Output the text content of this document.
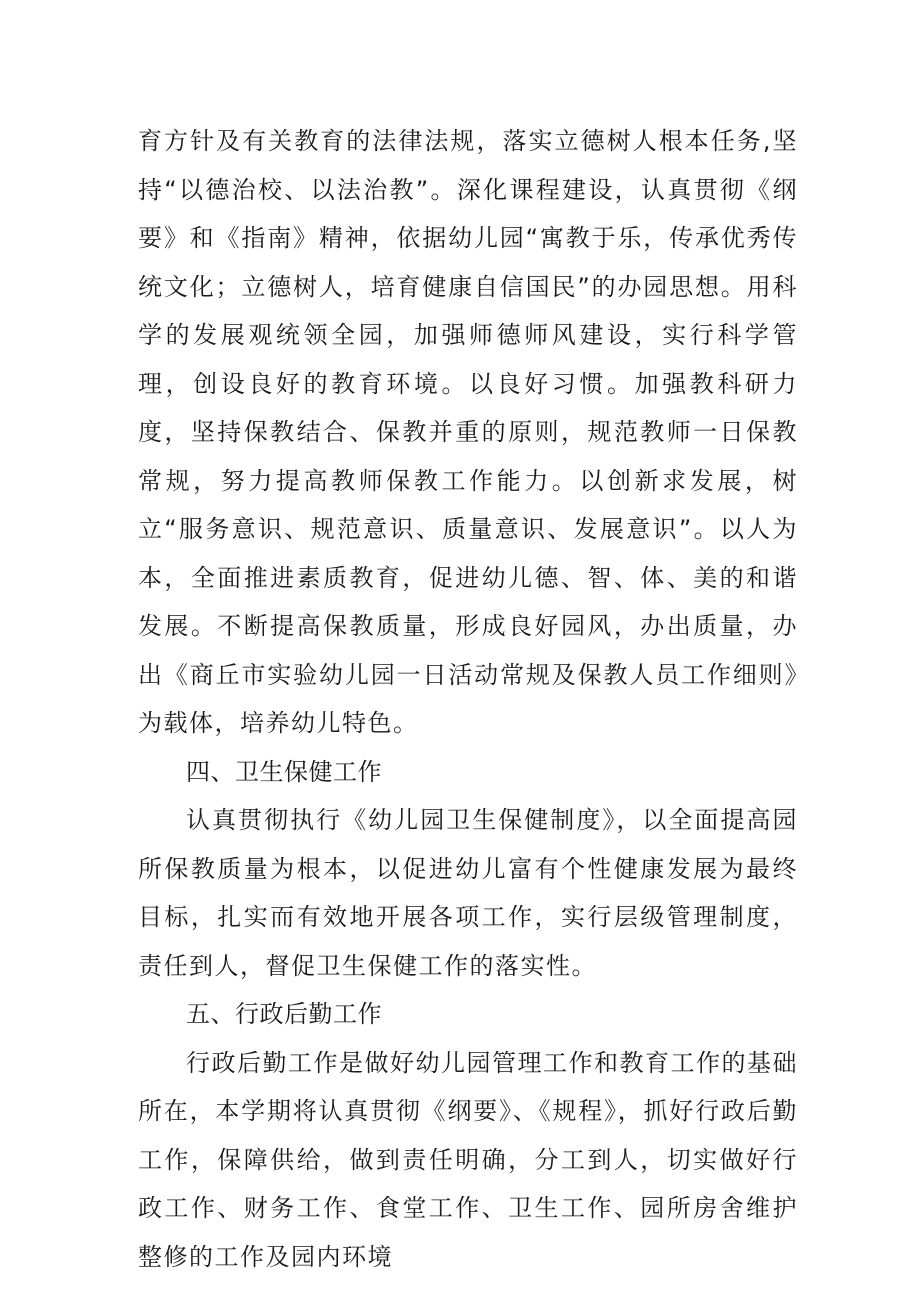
育方针及有关教育的法律法规，落实立德树人根本任务,坚持“以德治校、以法治教”。深化课程建设，认真贯彻《纲要》和《指南》精神，依据幼儿园“寓教于乐，传承优秀传统文化；立德树人，培育健康自信国民”的办园思想。用科学的发展观统领全园，加强师德师风建设，实行科学管理，创设良好的教育环境。以良好习惯。加强教科研力度，坚持保教结合、保教并重的原则，规范教师一日保教常规，努力提高教师保教工作能力。以创新求发展，树立“服务意识、规范意识、质量意识、发展意识”。以人为本，全面推进素质教育，促进幼儿德、智、体、美的和谐发展。不断提高保教质量，形成良好园风，办出质量，办出《商丘市实验幼儿园一日活动常规及保教人员工作细则》为载体，培养幼儿特色。

四、卫生保健工作

认真贯彻执行《幼儿园卫生保健制度》，以全面提高园所保教质量为根本，以促进幼儿富有个性健康发展为最终目标，扎实而有效地开展各项工作，实行层级管理制度，责任到人，督促卫生保健工作的落实性。

五、行政后勤工作

行政后勤工作是做好幼儿园管理工作和教育工作的基础所在，本学期将认真贯彻《纲要》、《规程》，抓好行政后勤工作，保障供给，做到责任明确，分工到人，切实做好行政工作、财务工作、食堂工作、卫生工作、园所房舍维护整修的工作及园内环境
